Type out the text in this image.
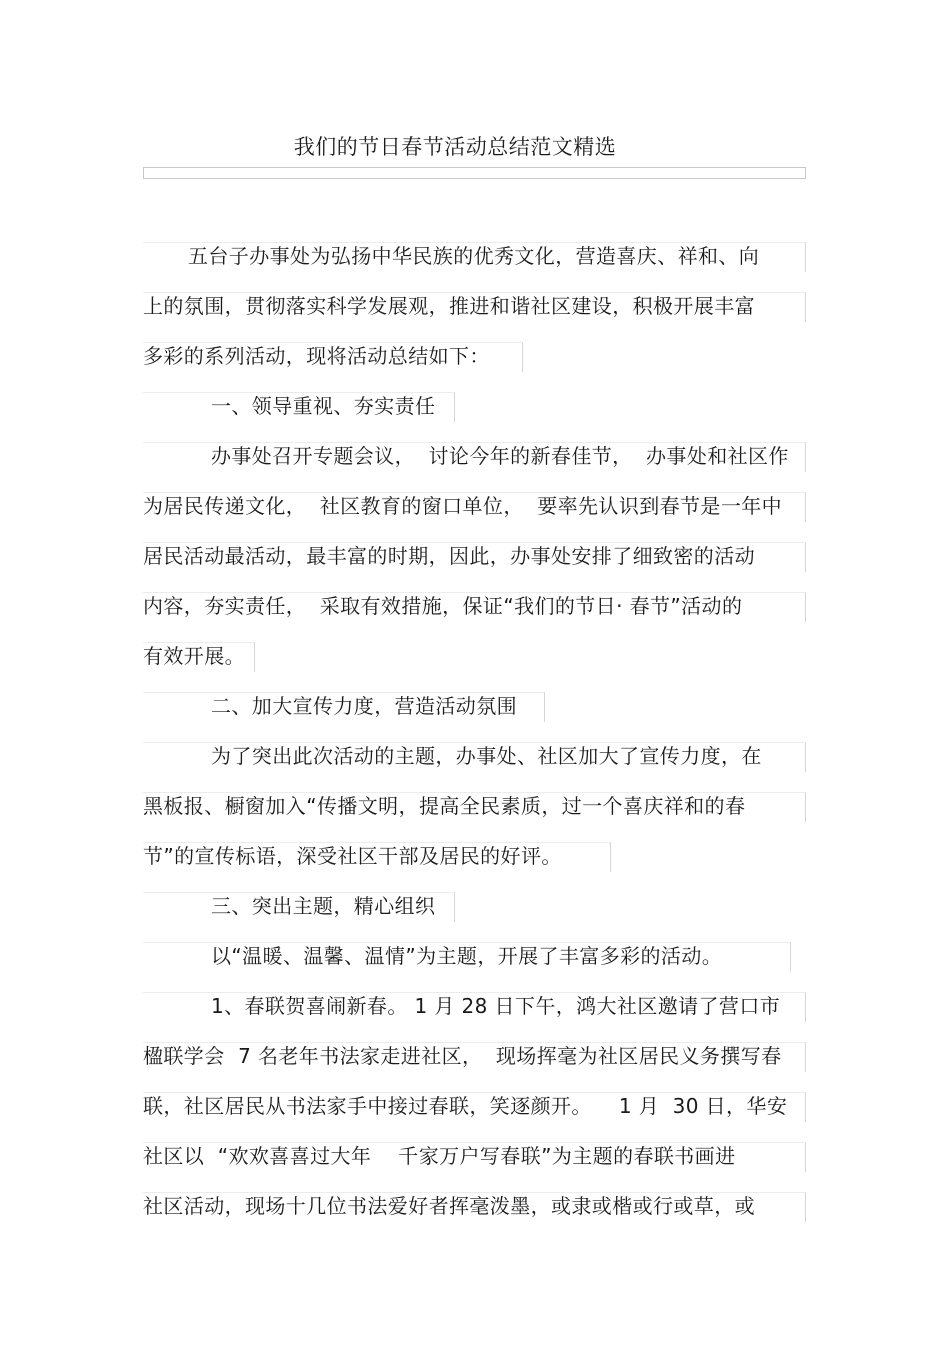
我们的节日春节活动总结范文精选
五台子办事处为弘扬中华民族的优秀文化，营造喜庆、祥和、向
上的氛围，贯彻落实科学发展观，推进和谐社区建设，积极开展丰富
多彩的系列活动，现将活动总结如下：
一、领导重视、夯实责任
办事处召开专题会议，  讨论今年的新春佳节，  办事处和社区作
为居民传递文化，  社区教育的窗口单位，  要率先认识到春节是一年中
居民活动最活动，最丰富的时期，因此，办事处安排了细致密的活动
内容，夯实责任，  采取有效措施，保证“我们的节日· 春节”活动的
有效开展。
二、加大宣传力度，营造活动氛围
为了突出此次活动的主题，办事处、社区加大了宣传力度，在
黑板报、橱窗加入“传播文明，提高全民素质，过一个喜庆祥和的春
节”的宣传标语，深受社区干部及居民的好评。
三、突出主题，精心组织
以“温暖、温馨、温情”为主题，开展了丰富多彩的活动。
1、春联贺喜闹新春。 1 月 28 日下午，鸿大社区邀请了营口市
楹联学会  7 名老年书法家走进社区，  现场挥毫为社区居民义务撰写春
联，社区居民从书法家手中接过春联，笑逐颜开。    1 月  30 日，华安
社区以  “欢欢喜喜过大年    千家万户写春联”为主题的春联书画进
社区活动，现场十几位书法爱好者挥毫泼墨，或隶或楷或行或草，或
